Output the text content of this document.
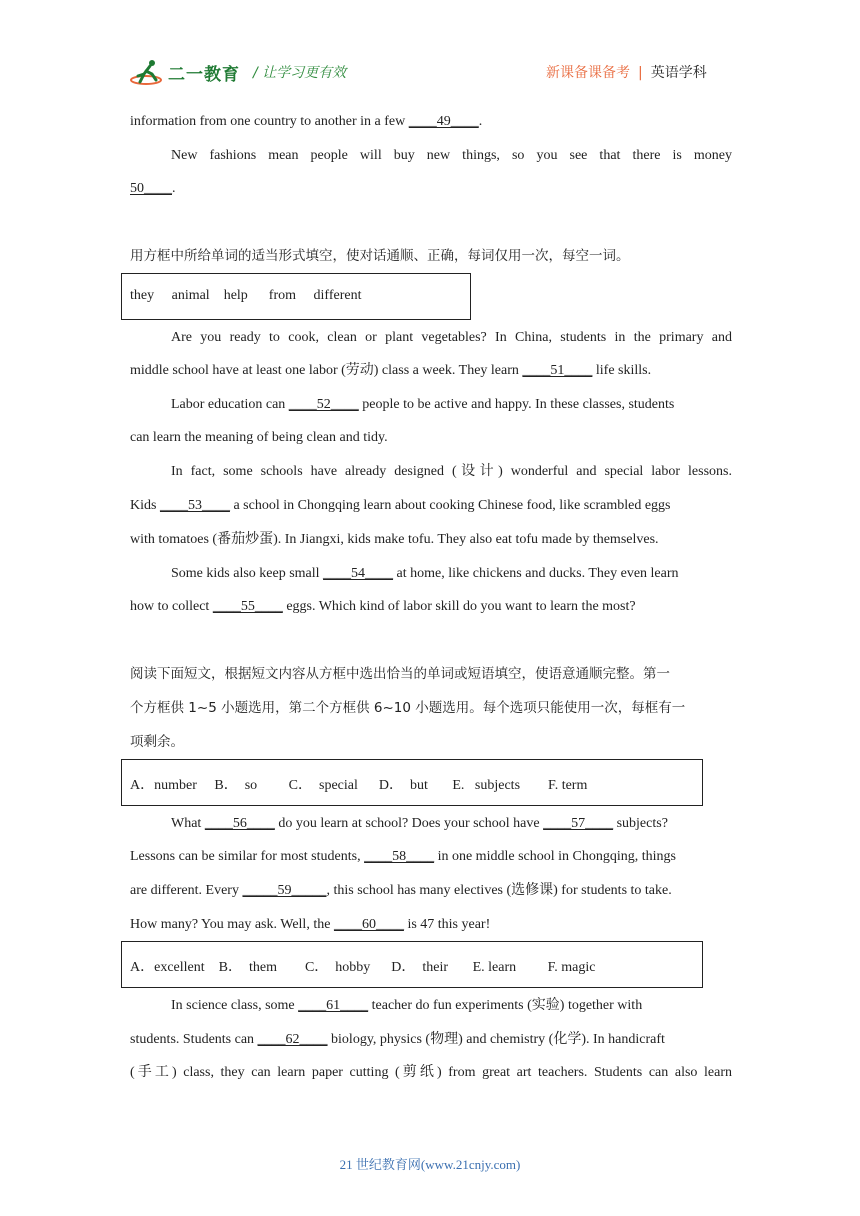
二一教育 / 让学习更有效	新课备课备考 | 英语学科
information from one country to another in a few ____49____.
New fashions mean people will buy new things, so you see that there is money
50____.
用方框中所给单词的适当形式填空，使对话通顺、正确，每词仅用一次，每空一词。
they     animal    help      from     different
Are you ready to cook, clean or plant vegetables? In China, students in the primary and
middle school have at least one labor (劳动) class a week. They learn ____51____ life skills.
Labor education can ____52____ people to be active and happy. In these classes, students
can learn the meaning of being clean and tidy.
In fact, some schools have already designed (设计) wonderful and special labor lessons.
Kids ____53____ a school in Chongqing learn about cooking Chinese food, like scrambled eggs
with tomatoes (番茄炒蛋). In Jiangxi, kids make tofu. They also eat tofu made by themselves.
Some kids also keep small ____54____ at home, like chickens and ducks. They even learn
how to collect ____55____ eggs. Which kind of labor skill do you want to learn the most?
阅读下面短文，根据短文内容从方框中选出恰当的单词或短语填空，使语意通顺完整。第一
个方框供 1~5 小题选用，第二个方框供 6~10 小题选用。每个选项只能使用一次，每框有一
项剩余。
A．number     B．  so         C．  special      D．  but       E.   subjects        F. term
What ____56____ do you learn at school? Does your school have ____57____ subjects?
Lessons can be similar for most students, ____58____ in one middle school in Chongqing, things
are different. Every _____59_____, this school has many electives (选修课) for students to take.
How many? You may ask. Well, the ____60____ is 47 this year!
A．excellent    B．  them        C．  hobby      D．  their       E. learn         F. magic
In science class, some ____61____ teacher do fun experiments (实验) together with
students. Students can ____62____ biology, physics (物理) and chemistry (化学). In handicraft
(手工) class, they can learn paper cutting (剪纸) from great art teachers. Students can also learn
21 世纪教育网(www.21cnjy.com)
